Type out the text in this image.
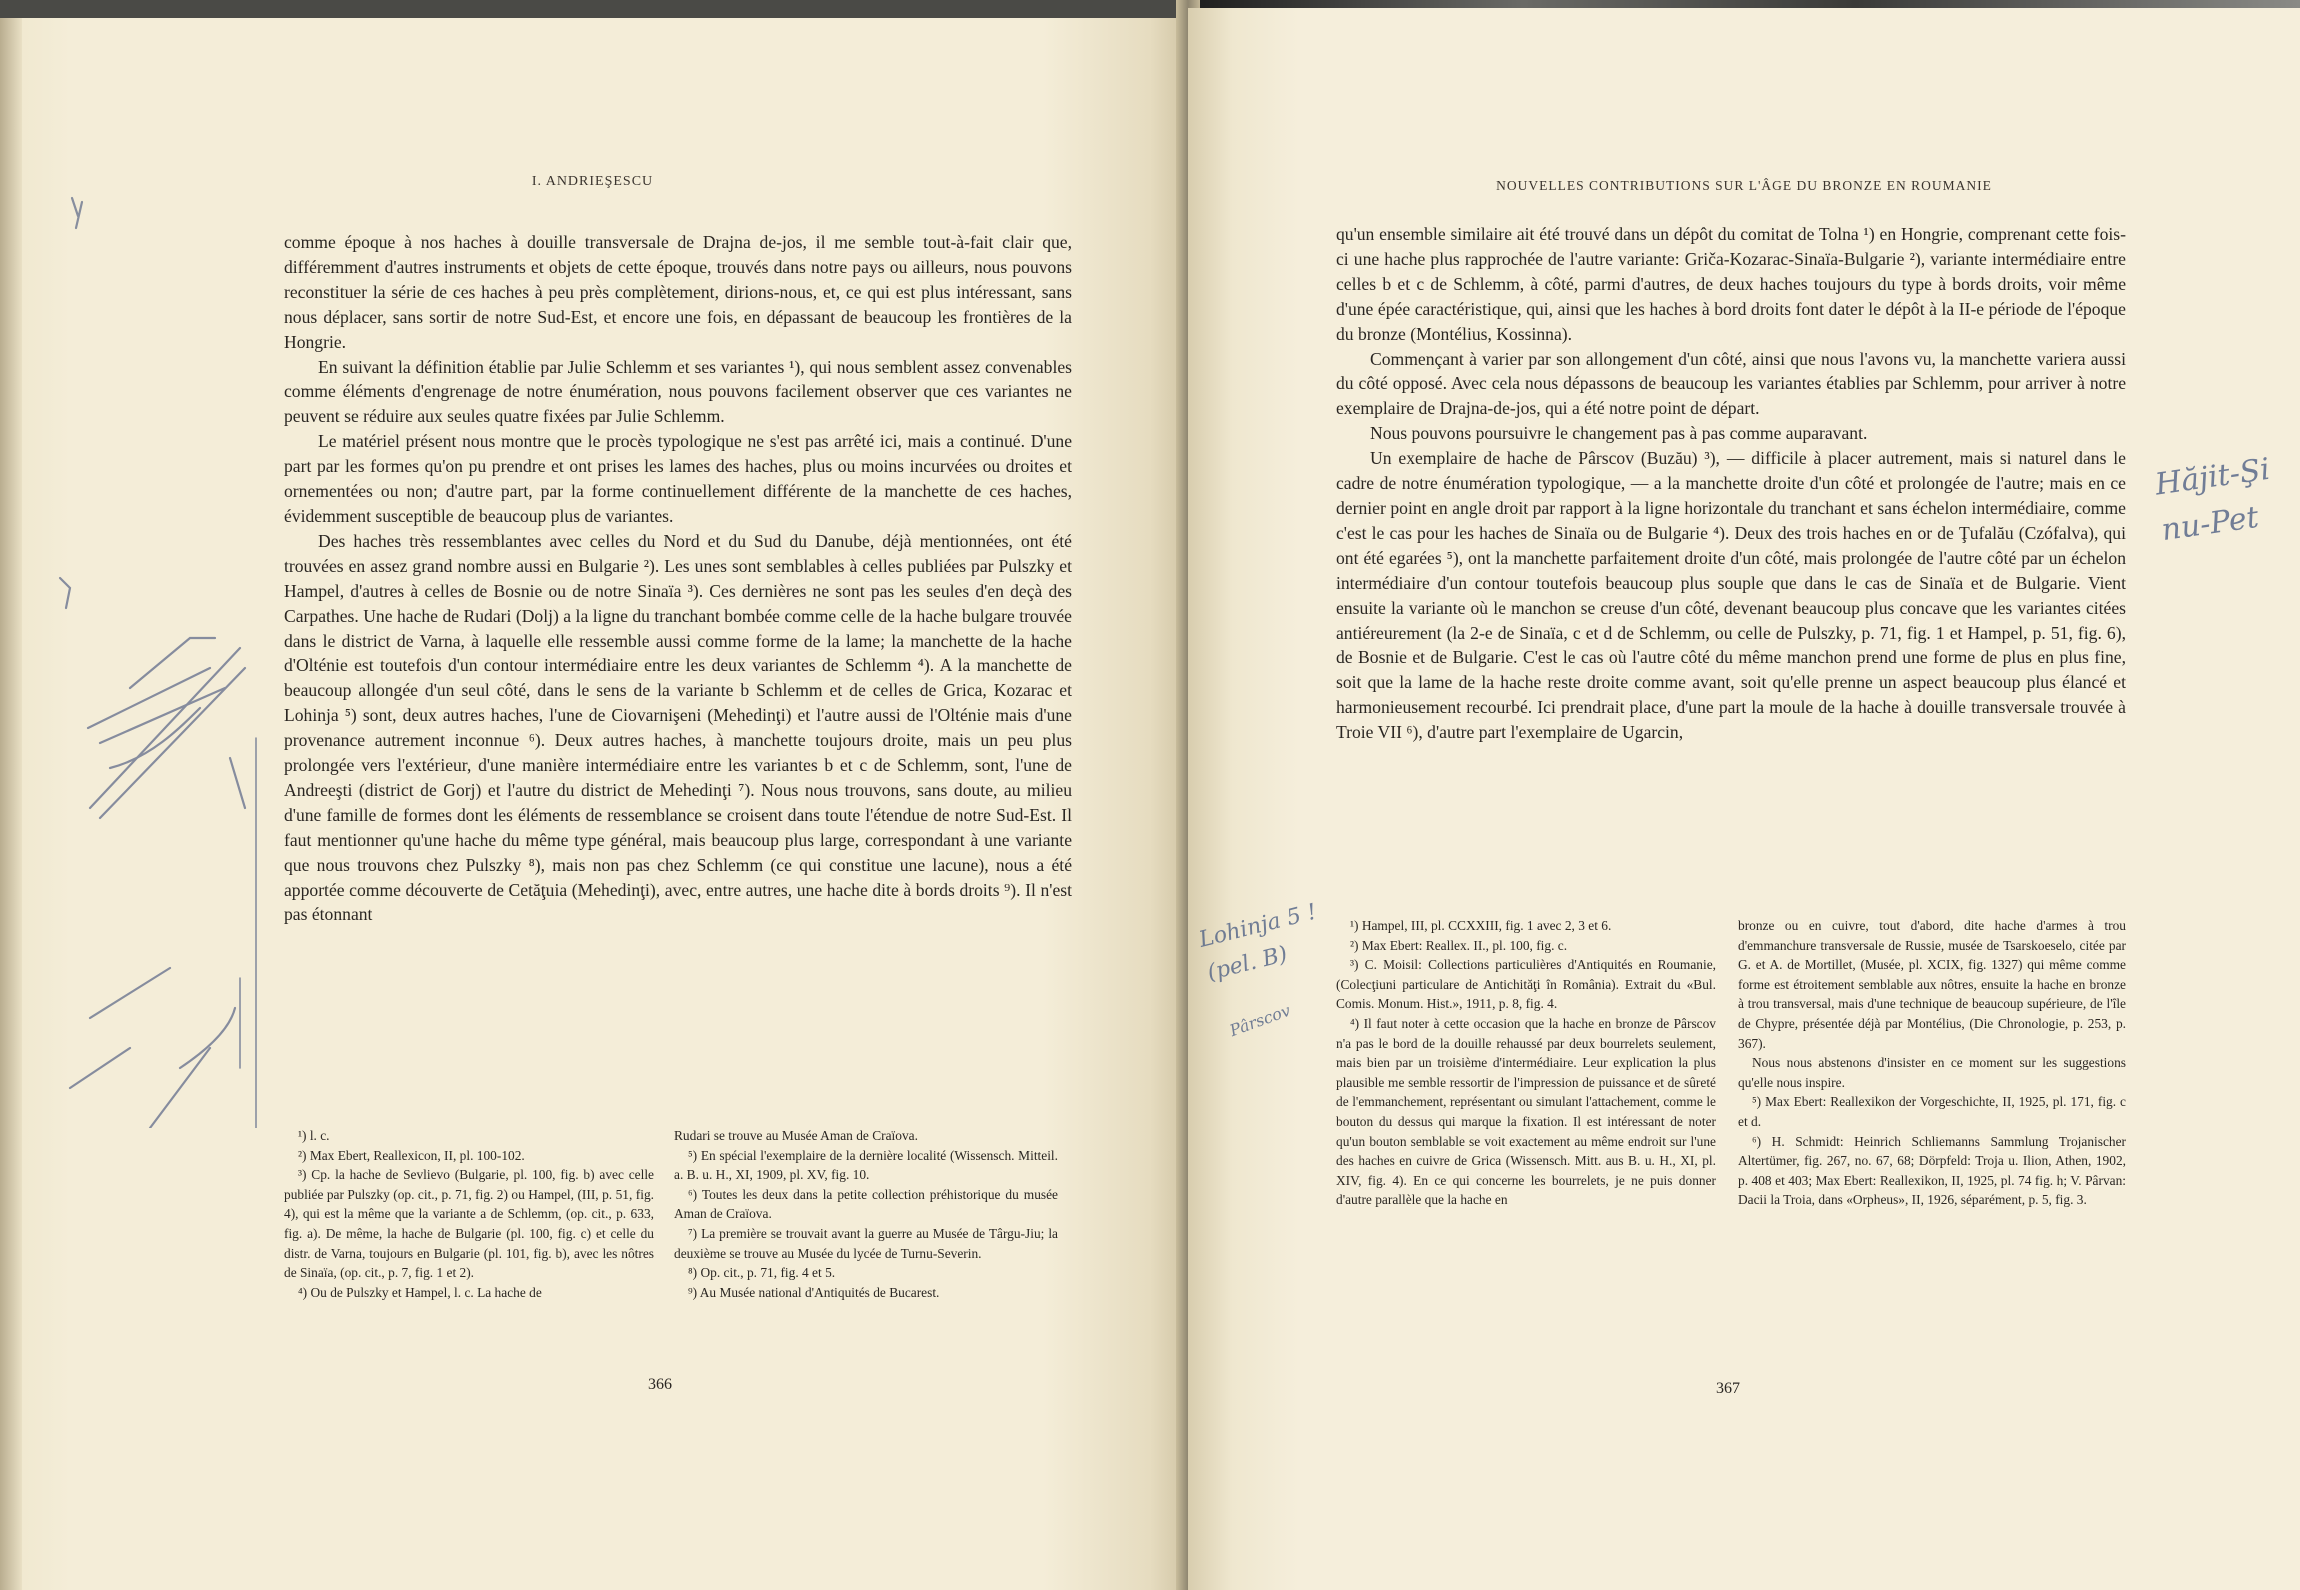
I. ANDRIEŞESCU

comme époque à nos haches à douille transversale de Drajna de-jos, il me semble tout-à-fait clair que, différemment d'autres instruments et objets de cette époque, trouvés dans notre pays ou ailleurs, nous pouvons reconstituer la série de ces haches à peu près complètement, dirions-nous, et, ce qui est plus intéressant, sans nous déplacer, sans sortir de notre Sud-Est, et encore une fois, en dépassant de beaucoup les frontières de la Hongrie.

En suivant la définition établie par Julie Schlemm et ses variantes ¹), qui nous semblent assez convenables comme éléments d'engrenage de notre énumération, nous pouvons facilement observer que ces variantes ne peuvent se réduire aux seules quatre fixées par Julie Schlemm.

Le matériel présent nous montre que le procès typologique ne s'est pas arrêté ici, mais a continué. D'une part par les formes qu'on pu prendre et ont prises les lames des haches, plus ou moins incurvées ou droites et ornementées ou non; d'autre part, par la forme continuellement différente de la manchette de ces haches, évidemment susceptible de beaucoup plus de variantes.

Des haches très ressemblantes avec celles du Nord et du Sud du Danube, déjà mentionnées, ont été trouvées en assez grand nombre aussi en Bulgarie ²). Les unes sont semblables à celles publiées par Pulszky et Hampel, d'autres à celles de Bosnie ou de notre Sinaïa ³). Ces dernières ne sont pas les seules d'en deçà des Carpathes. Une hache de Rudari (Dolj) a la ligne du tranchant bombée comme celle de la hache bulgare trouvée dans le district de Varna, à laquelle elle ressemble aussi comme forme de la lame; la manchette de la hache d'Olténie est toutefois d'un contour intermédiaire entre les deux variantes de Schlemm ⁴). A la manchette de beaucoup allongée d'un seul côté, dans le sens de la variante b Schlemm et de celles de Grica, Kozarac et Lohinja ⁵) sont, deux autres haches, l'une de Ciovarnişeni (Mehedinţi) et l'autre aussi de l'Olténie mais d'une provenance autrement inconnue ⁶). Deux autres haches, à manchette toujours droite, mais un peu plus prolongée vers l'extérieur, d'une manière intermédiaire entre les variantes b et c de Schlemm, sont, l'une de Andreeşti (district de Gorj) et l'autre du district de Mehedinţi ⁷). Nous nous trouvons, sans doute, au milieu d'une famille de formes dont les éléments de ressemblance se croisent dans toute l'étendue de notre Sud-Est. Il faut mentionner qu'une hache du même type général, mais beaucoup plus large, correspondant à une variante que nous trouvons chez Pulszky ⁸), mais non pas chez Schlemm (ce qui constitue une lacune), nous a été apportée comme découverte de Cetăţuia (Mehedinţi), avec, entre autres, une hache dite à bords droits ⁹). Il n'est pas étonnant

¹) l. c.

²) Max Ebert, Reallexicon, II, pl. 100-102.

³) Cp. la hache de Sevlievo (Bulgarie, pl. 100, fig. b) avec celle publiée par Pulszky (op. cit., p. 71, fig. 2) ou Hampel, (III, p. 51, fig. 4), qui est la même que la variante a de Schlemm, (op. cit., p. 633, fig. a). De même, la hache de Bulgarie (pl. 100, fig. c) et celle du distr. de Varna, toujours en Bulgarie (pl. 101, fig. b), avec les nôtres de Sinaïa, (op. cit., p. 7, fig. 1 et 2).

⁴) Ou de Pulszky et Hampel, l. c. La hache de

Rudari se trouve au Musée Aman de Craïova.

⁵) En spécial l'exemplaire de la dernière localité (Wissensch. Mitteil. a. B. u. H., XI, 1909, pl. XV, fig. 10.

⁶) Toutes les deux dans la petite collection préhistorique du musée Aman de Craïova.

⁷) La première se trouvait avant la guerre au Musée de Târgu-Jiu; la deuxième se trouve au Musée du lycée de Turnu-Severin.

⁸) Op. cit., p. 71, fig. 4 et 5.

⁹) Au Musée national d'Antiquités de Bucarest.

366
NOUVELLES CONTRIBUTIONS SUR L'ÂGE DU BRONZE EN ROUMANIE

qu'un ensemble similaire ait été trouvé dans un dépôt du comitat de Tolna ¹) en Hongrie, comprenant cette fois-ci une hache plus rapprochée de l'autre variante: Griča-Kozarac-Sinaïa-Bulgarie ²), variante intermédiaire entre celles b et c de Schlemm, à côté, parmi d'autres, de deux haches toujours du type à bords droits, voir même d'une épée caractéristique, qui, ainsi que les haches à bord droits font dater le dépôt à la II-e période de l'époque du bronze (Montélius, Kossinna).

Commençant à varier par son allongement d'un côté, ainsi que nous l'avons vu, la manchette variera aussi du côté opposé. Avec cela nous dépassons de beaucoup les variantes établies par Schlemm, pour arriver à notre exemplaire de Drajna-de-jos, qui a été notre point de départ.

Nous pouvons poursuivre le changement pas à pas comme auparavant.

Un exemplaire de hache de Pârscov (Buzău) ³), — difficile à placer autrement, mais si naturel dans le cadre de notre énumération typologique, — a la manchette droite d'un côté et prolongée de l'autre; mais en ce dernier point en angle droit par rapport à la ligne horizontale du tranchant et sans échelon intermédiaire, comme c'est le cas pour les haches de Sinaïa ou de Bulgarie ⁴). Deux des trois haches en or de Ţufalău (Czófalva), qui ont été egarées ⁵), ont la manchette parfaitement droite d'un côté, mais prolongée de l'autre côté par un échelon intermédiaire d'un contour toutefois beaucoup plus souple que dans le cas de Sinaïa et de Bulgarie. Vient ensuite la variante où le manchon se creuse d'un côté, devenant beaucoup plus concave que les variantes citées antiéreurement (la 2-e de Sinaïa, c et d de Schlemm, ou celle de Pulszky, p. 71, fig. 1 et Hampel, p. 51, fig. 6), de Bosnie et de Bulgarie. C'est le cas où l'autre côté du même manchon prend une forme de plus en plus fine, soit que la lame de la hache reste droite comme avant, soit qu'elle prenne un aspect beaucoup plus élancé et harmonieusement recourbé. Ici prendrait place, d'une part la moule de la hache à douille transversale trouvée à Troie VII ⁶), d'autre part l'exemplaire de Ugarcin,

¹) Hampel, III, pl. CCXXIII, fig. 1 avec 2, 3 et 6.

²) Max Ebert: Reallex. II., pl. 100, fig. c.

³) C. Moisil: Collections particulières d'Antiquités en Roumanie, (Colecţiuni particulare de Antichităţi în România). Extrait du «Bul. Comis. Monum. Hist.», 1911, p. 8, fig. 4.

⁴) Il faut noter à cette occasion que la hache en bronze de Pârscov n'a pas le bord de la douille rehaussé par deux bourrelets seulement, mais bien par un troisième d'intermédiaire. Leur explication la plus plausible me semble ressortir de l'impression de puissance et de sûreté de l'emmanchement, représentant ou simulant l'attachement, comme le bouton du dessus qui marque la fixation. Il est intéressant de noter qu'un bouton semblable se voit exactement au même endroit sur l'une des haches en cuivre de Grica (Wissensch. Mitt. aus B. u. H., XI, pl. XIV, fig. 4). En ce qui concerne les bourrelets, je ne puis donner d'autre parallèle que la hache en

bronze ou en cuivre, tout d'abord, dite hache d'armes à trou d'emmanchure transversale de Russie, musée de Tsarskoeselo, citée par G. et A. de Mortillet, (Musée, pl. XCIX, fig. 1327) qui même comme forme est étroitement semblable aux nôtres, ensuite la hache en bronze à trou transversal, mais d'une technique de beaucoup supérieure, de l'île de Chypre, présentée déjà par Montélius, (Die Chronologie, p. 253, p. 367).

Nous nous abstenons d'insister en ce moment sur les suggestions qu'elle nous inspire.

⁵) Max Ebert: Reallexikon der Vorgeschichte, II, 1925, pl. 171, fig. c et d.

⁶) H. Schmidt: Heinrich Schliemanns Sammlung Trojanischer Altertümer, fig. 267, no. 67, 68; Dörpfeld: Troja u. Ilion, Athen, 1902, p. 408 et 403; Max Ebert: Reallexikon, II, 1925, pl. 74 fig. h; V. Pârvan: Dacii la Troia, dans «Orpheus», II, 1926, séparément, p. 5, fig. 3.

367
Hăjit-Şi nu-Pet
Lohinja 5 ! (pel. B)
Pârscov
